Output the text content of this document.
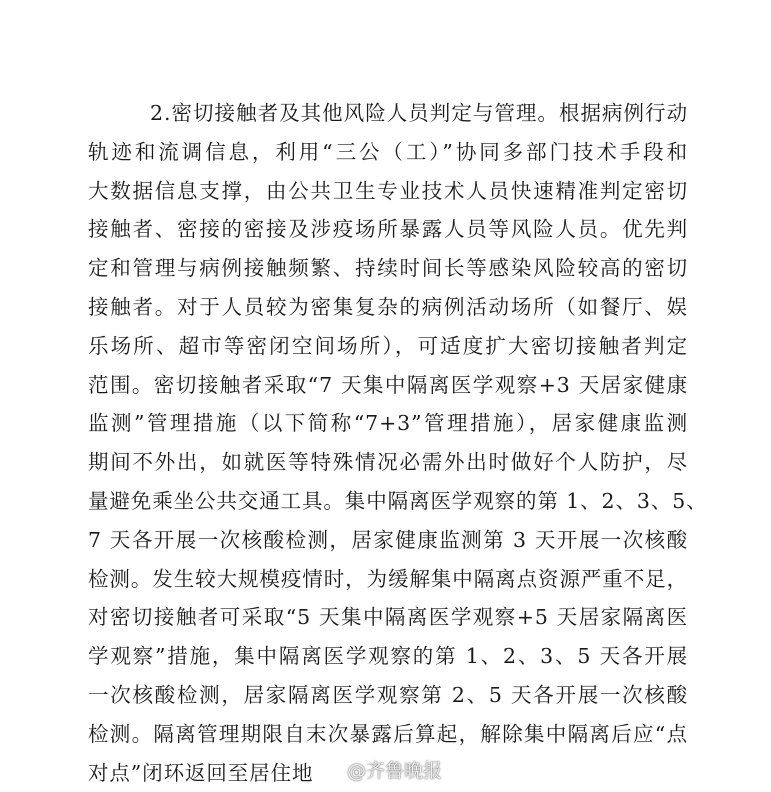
2.密切接触者及其他风险人员判定与管理。根据病例行动
轨迹和流调信息，利用“三公（工）”协同多部门技术手段和
大数据信息支撑，由公共卫生专业技术人员快速精准判定密切
接触者、密接的密接及涉疫场所暴露人员等风险人员。优先判
定和管理与病例接触频繁、持续时间长等感染风险较高的密切
接触者。对于人员较为密集复杂的病例活动场所（如餐厅、娱
乐场所、超市等密闭空间场所），可适度扩大密切接触者判定
范围。密切接触者采取“7 天集中隔离医学观察+3 天居家健康
监测”管理措施（以下简称“7+3”管理措施），居家健康监测
期间不外出，如就医等特殊情况必需外出时做好个人防护，尽
量避免乘坐公共交通工具。集中隔离医学观察的第 1、2、3、5、
7 天各开展一次核酸检测，居家健康监测第 3 天开展一次核酸
检测。发生较大规模疫情时，为缓解集中隔离点资源严重不足，
对密切接触者可采取“5 天集中隔离医学观察+5 天居家隔离医
学观察”措施，集中隔离医学观察的第 1、2、3、5 天各开展
一次核酸检测，居家隔离医学观察第 2、5 天各开展一次核酸
检测。隔离管理期限自末次暴露后算起，解除集中隔离后应“点
对点”闭环返回至居住地	@齐鲁晚报
